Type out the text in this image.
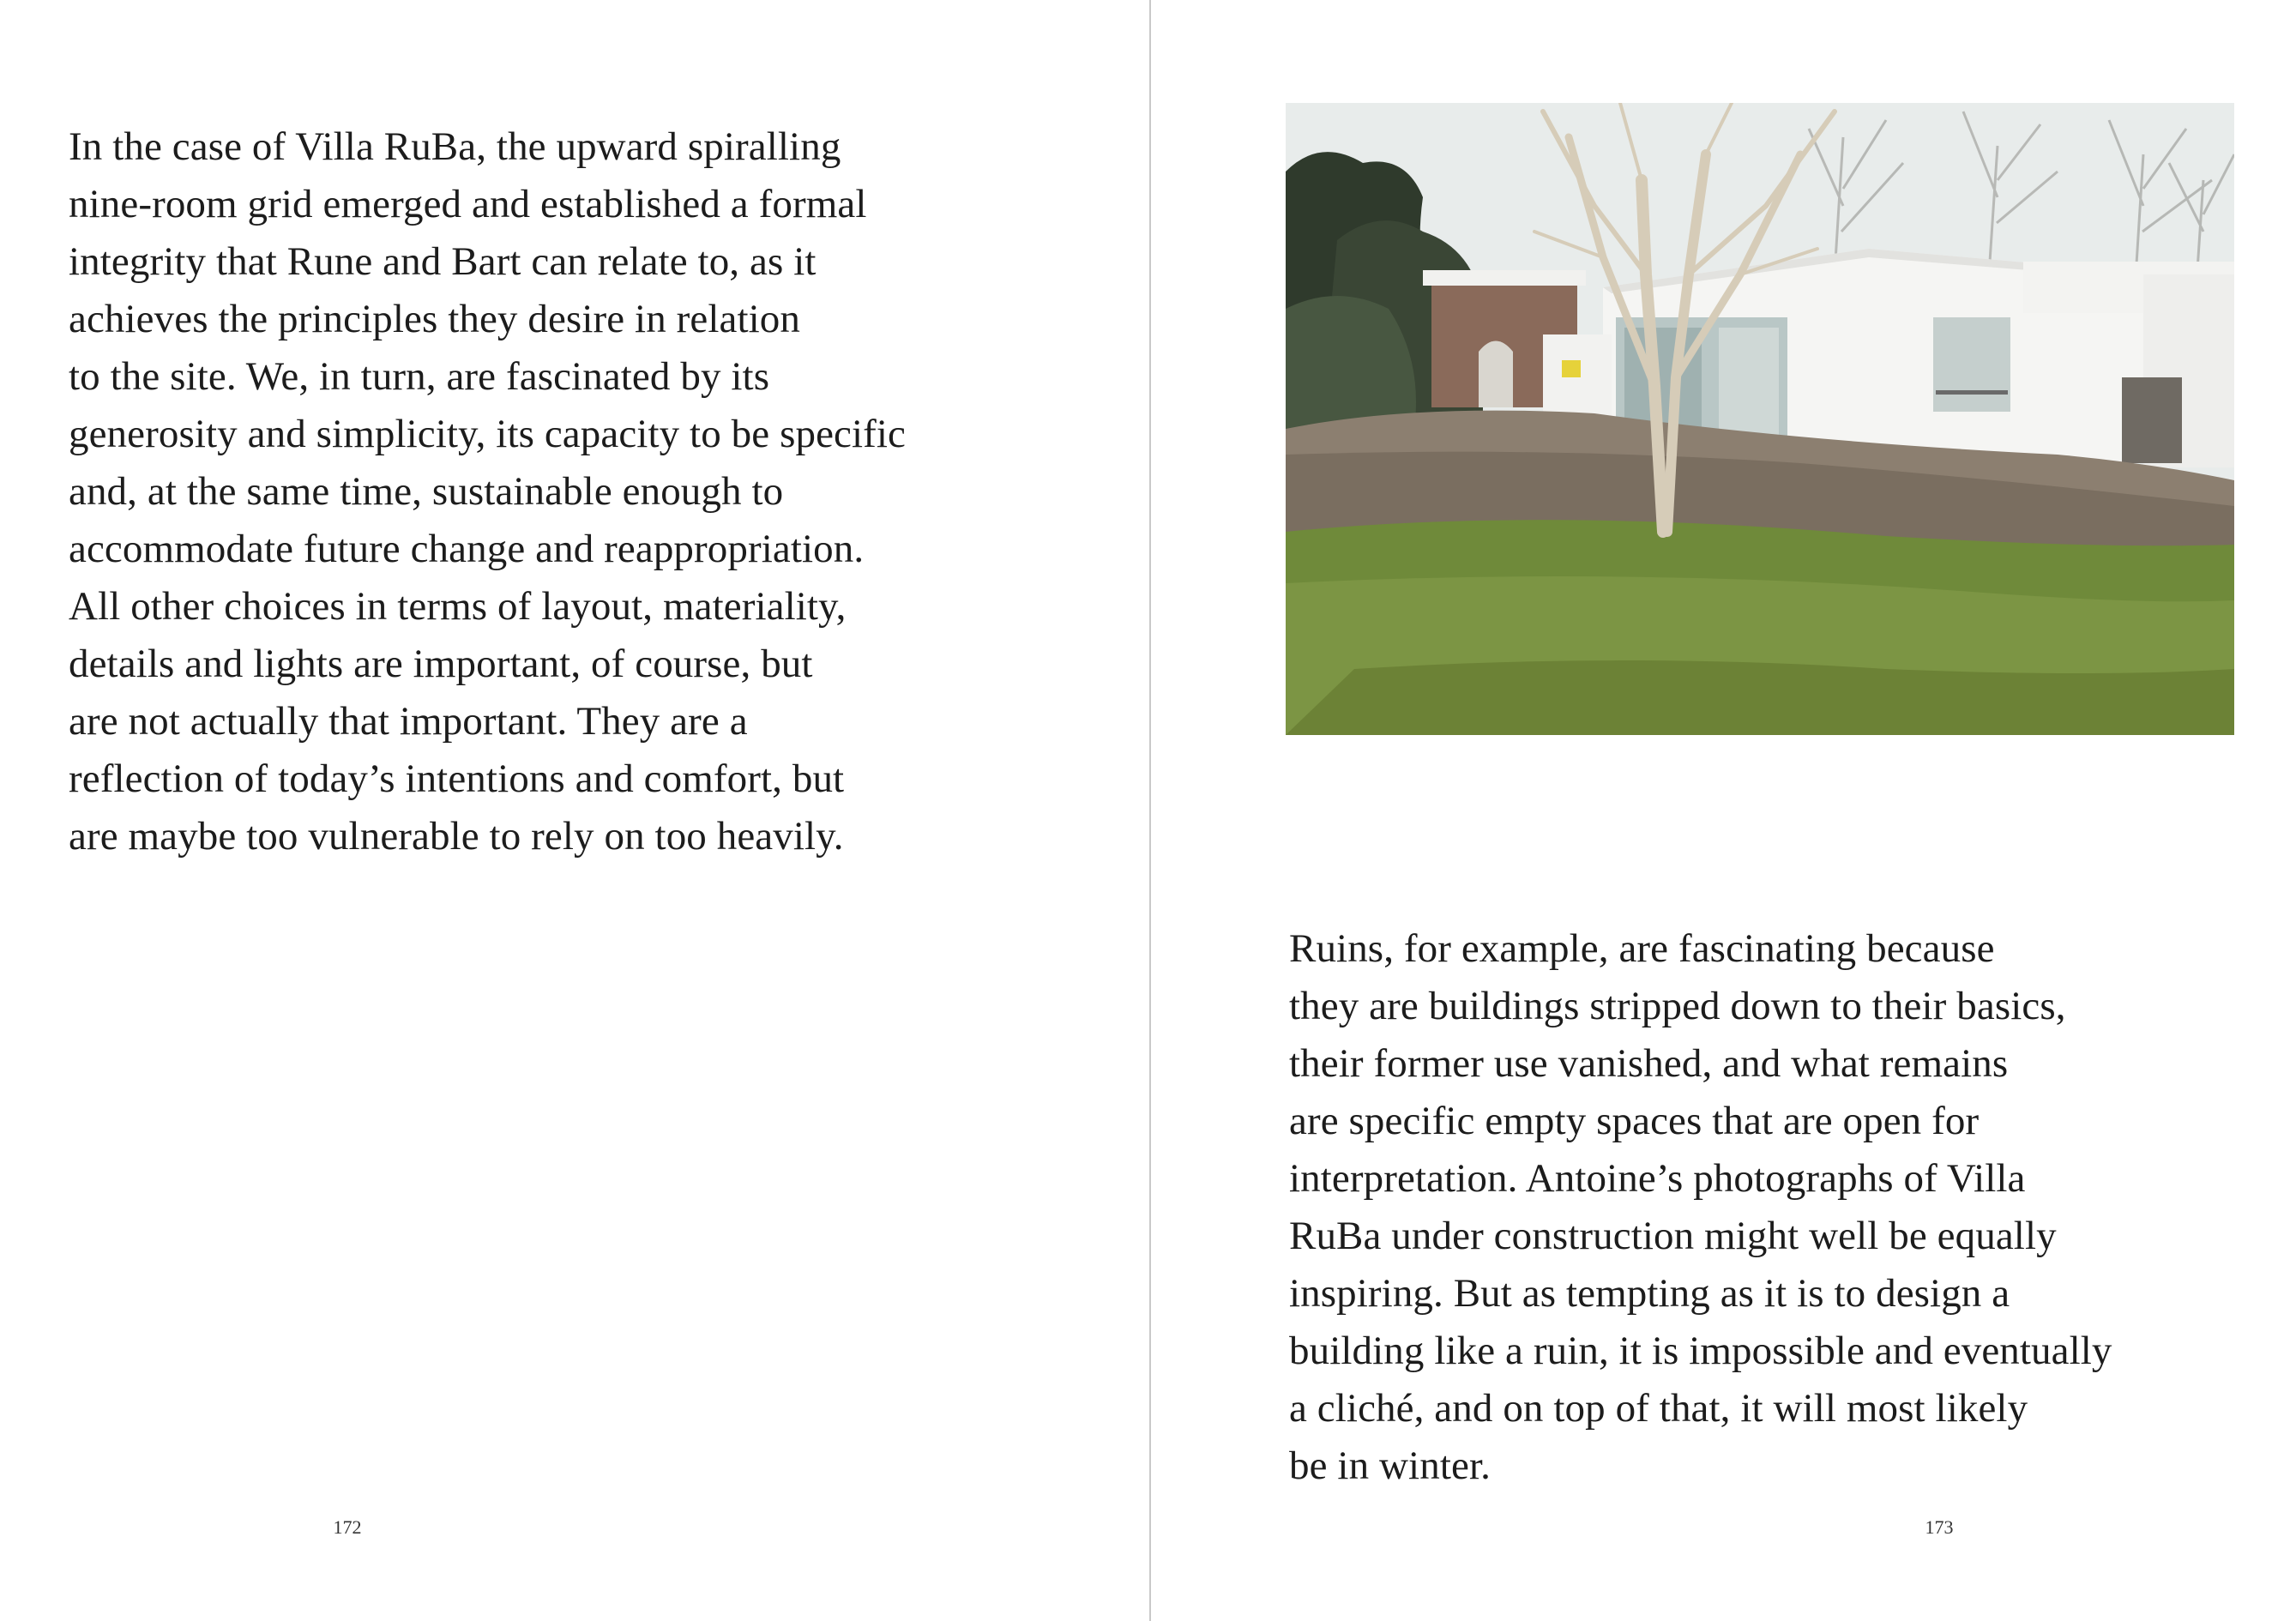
In the case of Villa RuBa, the upward spiralling
nine-room grid emerged and established a formal
integrity that Rune and Bart can relate to, as it
achieves the principles they desire in relation
to the site. We, in turn, are fascinated by its
generosity and simplicity, its capacity to be specific
and, at the same time, sustainable enough to
accommodate future change and reappropriation.
All other choices in terms of layout, materiality,
details and lights are important, of course, but
are not actually that important. They are a
reflection of today’s intentions and comfort, but
are maybe too vulnerable to rely on too heavily.
172
Ruins, for example, are fascinating because
they are buildings stripped down to their basics,
their former use vanished, and what remains
are specific empty spaces that are open for
interpretation. Antoine’s photographs of Villa
RuBa under construction might well be equally
inspiring. But as tempting as it is to design a
building like a ruin, it is impossible and eventually
a cliché, and on top of that, it will most likely
be in winter.
173
